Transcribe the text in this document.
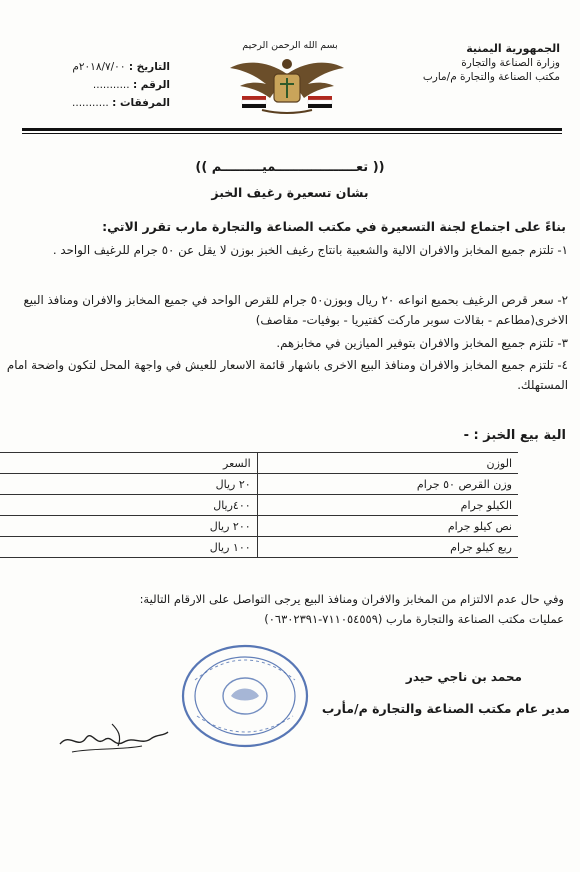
الجمهورية اليمنية
وزارة الصناعة والتجارة
مكتب الصناعة والتجارة م/مارب
بسم الله الرحمن الرحيم
التاريخ : ٢٠١٨/٧/٠٠م
الرقم : ...........
المرفقات : ...........
(( تعــــــــــــــــــميـــــــــم ))
بشان تسعيرة رغيف الخبز
بناءً على اجتماع لجنة التسعيرة في مكتب الصناعة والتجارة مارب تقرر الاتي:
١- تلتزم جميع المخابز والافران الالية والشعبية بانتاج رغيف الخبز بوزن لا يقل عن ٥٠ جرام للرغيف الواحد .
٢- سعر قرص الرغيف بحميع انواعه ٢٠ ريال وبوزن٥٠ جرام للقرص الواحد في جميع المخابز والافران ومنافذ البيع الاخرى(مطاعم - بقالات سوبر ماركت كفتيريا - بوفيات- مقاصف)
٣- تلتزم جميع المخابز والافران بتوفير الميازين في مخابزهم.
٤- تلتزم جميع المخابز والافران ومنافذ البيع الاخرى باشهار قائمة الاسعار للعيش في واجهة المحل لتكون واضحة امام المستهلك.
الية بيع الخبز : -
الوزن	السعر
وزن القرص ٥٠ جرام	٢٠ ريال
الكيلو جرام	٤٠٠ريال
نص كيلو جرام	٢٠٠ ريال
ربع كيلو جرام	١٠٠ ريال
وفي حال عدم الالتزام من المخابز والافران ومنافذ البيع يرجى التواصل على الارقام التالية:
عمليات مكتب الصناعة والتجارة مارب (٧١١٠٥٤٥٥٩-٠٦٣٠٢٣٩١)
محمد بن ناجي حيدر
مدير عام مكتب الصناعة والتجارة م/مأرب
